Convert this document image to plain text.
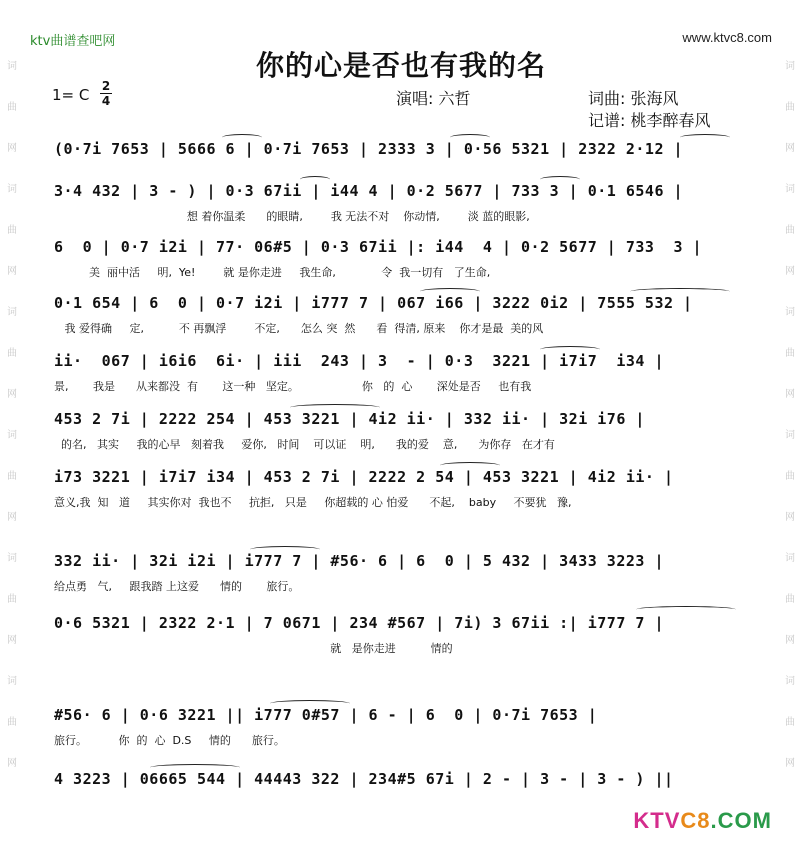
ktv曲谱查吧网	www.ktvc8.com
词
曲
网
词
曲
网
词
曲
网
词
曲
网
词
曲
网
词
曲
网
词
曲
网
词
曲
网
词
曲
网
词
曲
网
词
曲
网
词
曲
网
你的心是否也有我的名
1= C 2
4	演唱: 六哲	词曲: 张海风
记谱: 桃李醉春风
(0·7i 7653 | 5666 6 | 0·7i 7653 | 2333 3 | 0·56 5321 | 2322 2·12 |
3·4 432 | 3 - ) | 0·3 67ii | i44 4 | 0·2 5677 | 733 3 | 0·1 6546 |
想 着你温柔      的眼睛,        我 无法不对    你动情,        淡 蓝的眼影,
6  0 | 0·7 i2i | 77· 06#5 | 0·3 67ii |: i44  4 | 0·2 5677 | 733  3 |
美  丽中活     明,  Ye!        就 是你走进     我生命,             令  我一切有   了生命,
0·1 654 | 6  0 | 0·7 i2i | i777 7 | 067 i66 | 3222 0i2 | 7555 532 |
我 爱得确     定,          不 再飘浮        不定,      怎么 突  然      看  得清, 原来    你才是最  美的风
ii·  067 | i6i6  6i· | iii  243 | 3  - | 0·3  3221 | i7i7  i34 |
景,       我是      从来都没  有       这一种   坚定。                  你   的  心       深处是否     也有我
453 2 7i | 2222 254 | 453 3221 | 4i2 ii· | 332 ii· | 32i i76 |
的名,   其实     我的心早   刻着我     爱你,   时间    可以证    明,      我的爱    意,      为你存   在才有
i73 3221 | i7i7 i34 | 453 2 7i | 2222 2 54 | 453 3221 | 4i2 ii· |
意义,我  知   道     其实你对  我也不     抗拒,   只是     你超载的 心 怕爱      不起,    baby     不要犹   豫,
332 ii· | 32i i2i | i777 7 | #56· 6 | 6  0 | 5 432 | 3433 3223 |
给点勇   气,     跟我踏 上这爱      情的       旅行。
0·6 5321 | 2322 2·1 | 7 0671 | 234 #567 | 7i) 3 67ii :| i777 7 |
就   是你走进          情的
#56· 6 | 0·6 3221 || i777 0#57 | 6 - | 6  0 | 0·7i 7653 |
旅行。         你  的  心  D.S     情的      旅行。
4 3223 | 06665 544 | 44443 322 | 234#5 67i | 2 - | 3 - | 3 - ) ||
KTVC8.COM
